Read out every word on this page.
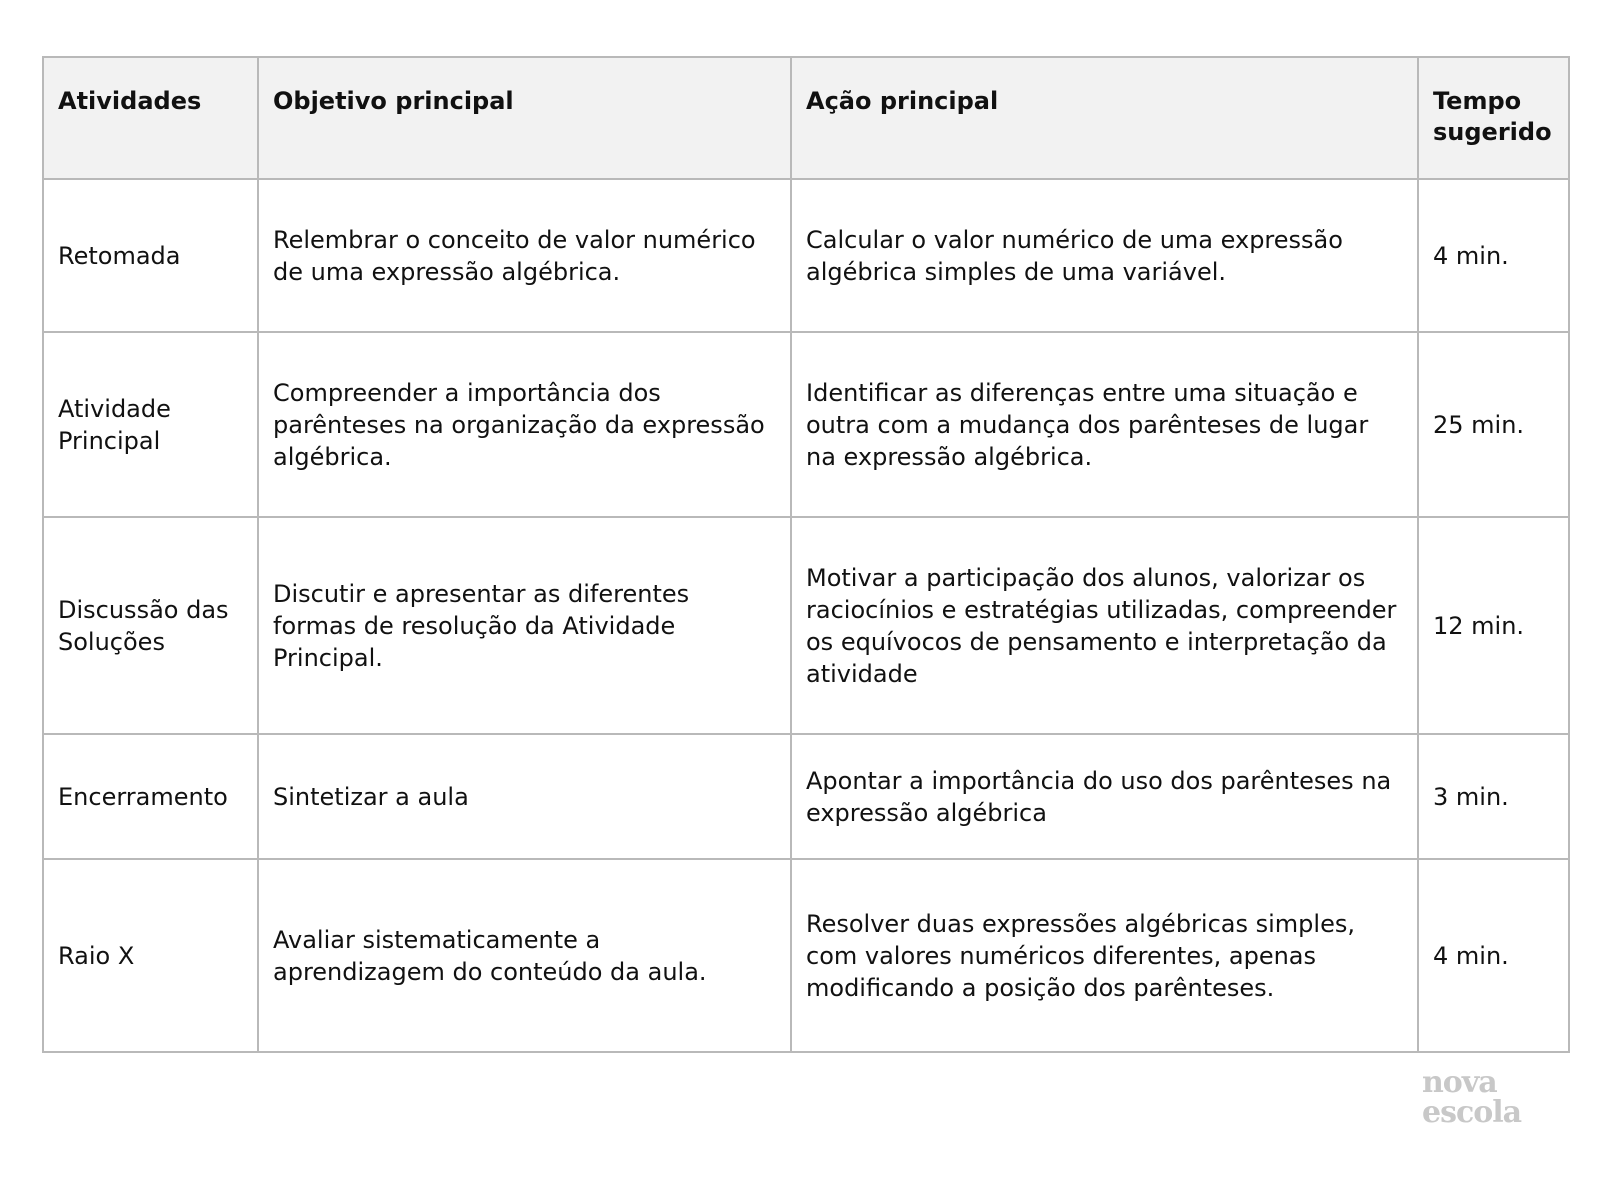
Atividades	Objetivo principal	Ação principal	Tempo sugerido
Retomada	Relembrar o conceito de valor numérico de uma expressão algébrica.	Calcular o valor numérico de uma expressão algébrica simples de uma variável.	4 min.
Atividade Principal	Compreender a importância dos parênteses na organização da expressão algébrica.	Identificar as diferenças entre uma situação e outra com a mudança dos parênteses de lugar na expressão algébrica.	25 min.
Discussão das Soluções	Discutir e apresentar as diferentes formas de resolução da Atividade Principal.	Motivar a participação dos alunos, valorizar os raciocínios e estratégias utilizadas, compreender os equívocos de pensamento e interpretação da atividade	12 min.
Encerramento	Sintetizar a aula	Apontar a importância do uso dos parênteses na expressão algébrica	3 min.
Raio X	Avaliar sistematicamente a aprendizagem do conteúdo da aula.	Resolver duas expressões algébricas simples, com valores numéricos diferentes, apenas modificando a posição dos parênteses.	4 min.
nova
escola
